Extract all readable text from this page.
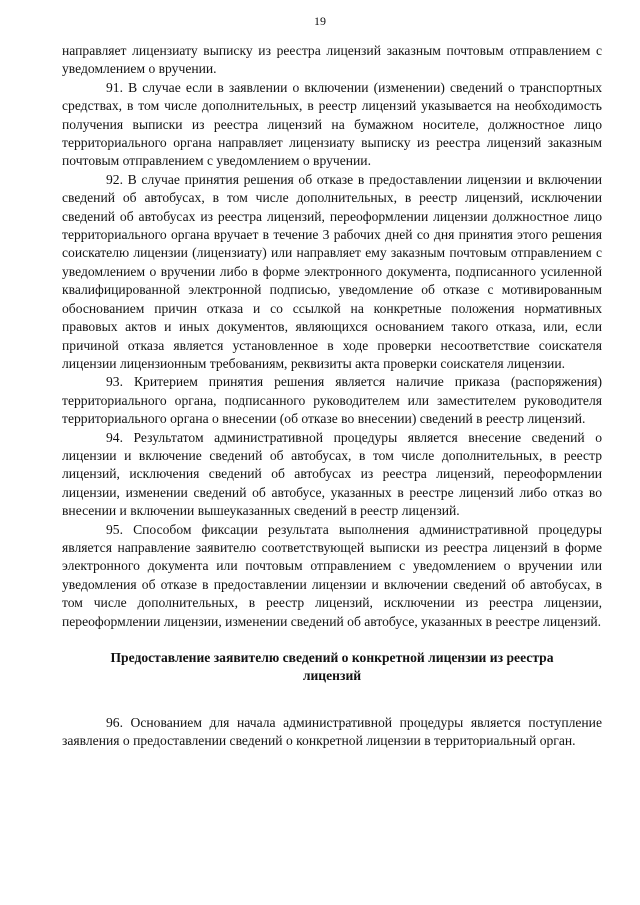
19

направляет лицензиату выписку из реестра лицензий заказным почтовым отправлением с уведомлением о вручении.

91. В случае если в заявлении о включении (изменении) сведений о транспортных средствах, в том числе дополнительных, в реестр лицензий указывается на необходимость получения выписки из реестра лицензий на бумажном носителе, должностное лицо территориального органа направляет лицензиату выписку из реестра лицензий заказным почтовым отправлением с уведомлением о вручении.

92. В случае принятия решения об отказе в предоставлении лицензии и включении сведений об автобусах, в том числе дополнительных, в реестр лицензий, исключении сведений об автобусах из реестра лицензий, переоформлении лицензии должностное лицо территориального органа вручает в течение 3 рабочих дней со дня принятия этого решения соискателю лицензии (лицензиату) или направляет ему заказным почтовым отправлением с уведомлением о вручении либо в форме электронного документа, подписанного усиленной квалифицированной электронной подписью, уведомление об отказе с мотивированным обоснованием причин отказа и со ссылкой на конкретные положения нормативных правовых актов и иных документов, являющихся основанием такого отказа, или, если причиной отказа является установленное в ходе проверки несоответствие соискателя лицензии лицензионным требованиям, реквизиты акта проверки соискателя лицензии.

93. Критерием принятия решения является наличие приказа (распоряжения) территориального органа, подписанного руководителем или заместителем руководителя территориального органа о внесении (об отказе во внесении) сведений в реестр лицензий.

94. Результатом административной процедуры является внесение сведений о лицензии и включение сведений об автобусах, в том числе дополнительных, в реестр лицензий, исключения сведений об автобусах из реестра лицензий, переоформлении лицензии, изменении сведений об автобусе, указанных в реестре лицензий либо отказ во внесении и включении вышеуказанных сведений в реестр лицензий.

95. Способом фиксации результата выполнения административной процедуры является направление заявителю соответствующей выписки из реестра лицензий в форме электронного документа или почтовым отправлением с уведомлением о вручении или уведомления об отказе в предоставлении лицензии и включении сведений об автобусах, в том числе дополнительных, в реестр лицензий, исключении из реестра лицензии, переоформлении лицензии, изменении сведений об автобусе, указанных в реестре лицензий.

Предоставление заявителю сведений о конкретной лицензии из реестра лицензий

96. Основанием для начала административной процедуры является поступление заявления о предоставлении сведений о конкретной лицензии в территориальный орган.
